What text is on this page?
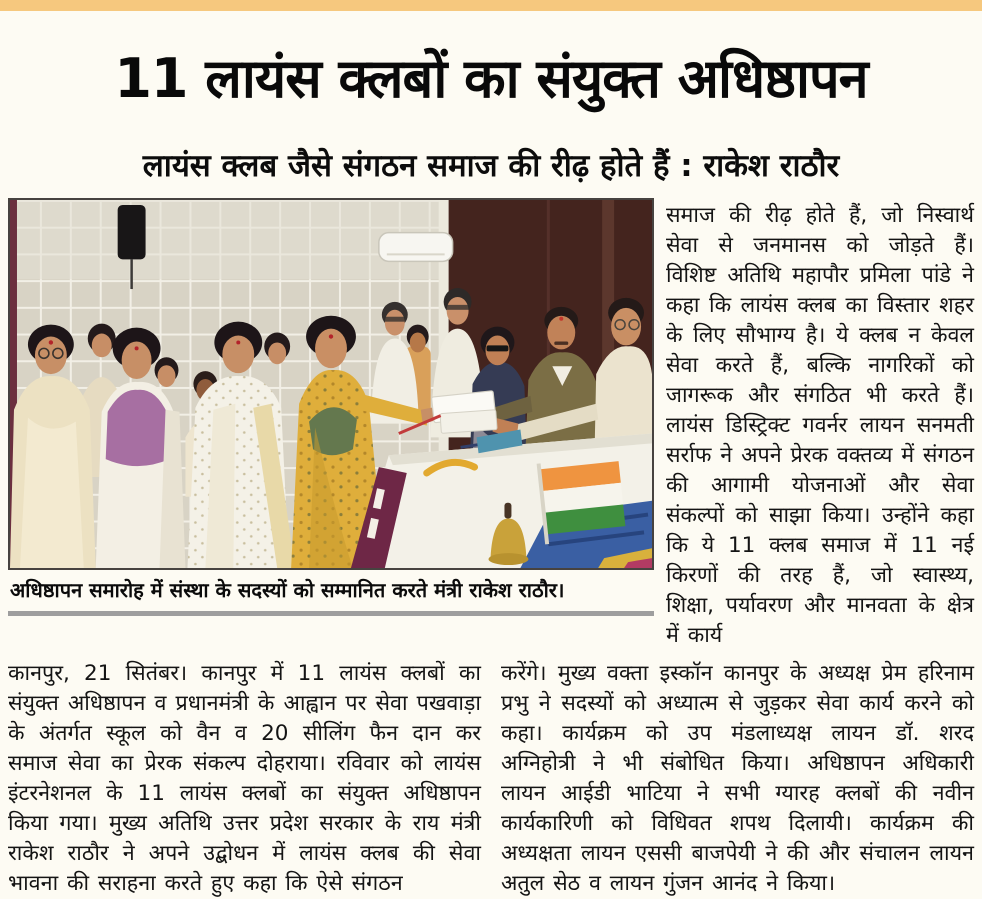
11 लायंस क्लबों का संयुक्त अधिष्ठापन
लायंस क्लब जैसे संगठन समाज की रीढ़ होते हैं : राकेश राठौर
अधिष्ठापन समारोह में संस्था के सदस्यों को सम्मानित करते मंत्री राकेश राठौर।

समाज की रीढ़ होते हैं, जो निस्वार्थ सेवा से जनमानस को जोड़ते हैं। विशिष्ट अतिथि महापौर प्रमिला पांडे ने कहा कि लायंस क्लब का विस्तार शहर के लिए सौभाग्य है। ये क्लब न केवल सेवा करते हैं, बल्कि नागरिकों को जागरूक और संगठित भी करते हैं। लायंस डिस्ट्रिक्ट गवर्नर लायन सनमती सर्राफ ने अपने प्रेरक वक्तव्य में संगठन की आगामी योजनाओं और सेवा संकल्पों को साझा किया। उन्होंने कहा कि ये 11 क्लब समाज में 11 नई किरणों की तरह हैं, जो स्वास्थ्य, शिक्षा, पर्यावरण और मानवता के क्षेत्र में कार्य

कानपुर, 21 सितंबर। कानपुर में 11 लायंस क्लबों का संयुक्त अधिष्ठापन व प्रधानमंत्री के आह्वान पर सेवा पखवाड़ा के अंतर्गत स्कूल को वैन व 20 सीलिंग फैन दान कर समाज सेवा का प्रेरक संकल्प दोहराया। रविवार को लायंस इंटरनेशनल के 11 लायंस क्लबों का संयुक्त अधिष्ठापन किया गया। मुख्य अतिथि उत्तर प्रदेश सरकार के राय मंत्री राकेश राठौर ने अपने उद्बोधन में लायंस क्लब की सेवा भावना की सराहना करते हुए कहा कि ऐसे संगठन

करेंगे। मुख्य वक्ता इस्कॉन कानपुर के अध्यक्ष प्रेम हरिनाम प्रभु ने सदस्यों को अध्यात्म से जुड़कर सेवा कार्य करने को कहा। कार्यक्रम को उप मंडलाध्यक्ष लायन डॉ. शरद अग्निहोत्री ने भी संबोधित किया। अधिष्ठापन अधिकारी लायन आईडी भाटिया ने सभी ग्यारह क्लबों की नवीन कार्यकारिणी को विधिवत शपथ दिलायी। कार्यक्रम की अध्यक्षता लायन एससी बाजपेयी ने की और संचालन लायन अतुल सेठ व लायन गुंजन आनंद ने किया।
